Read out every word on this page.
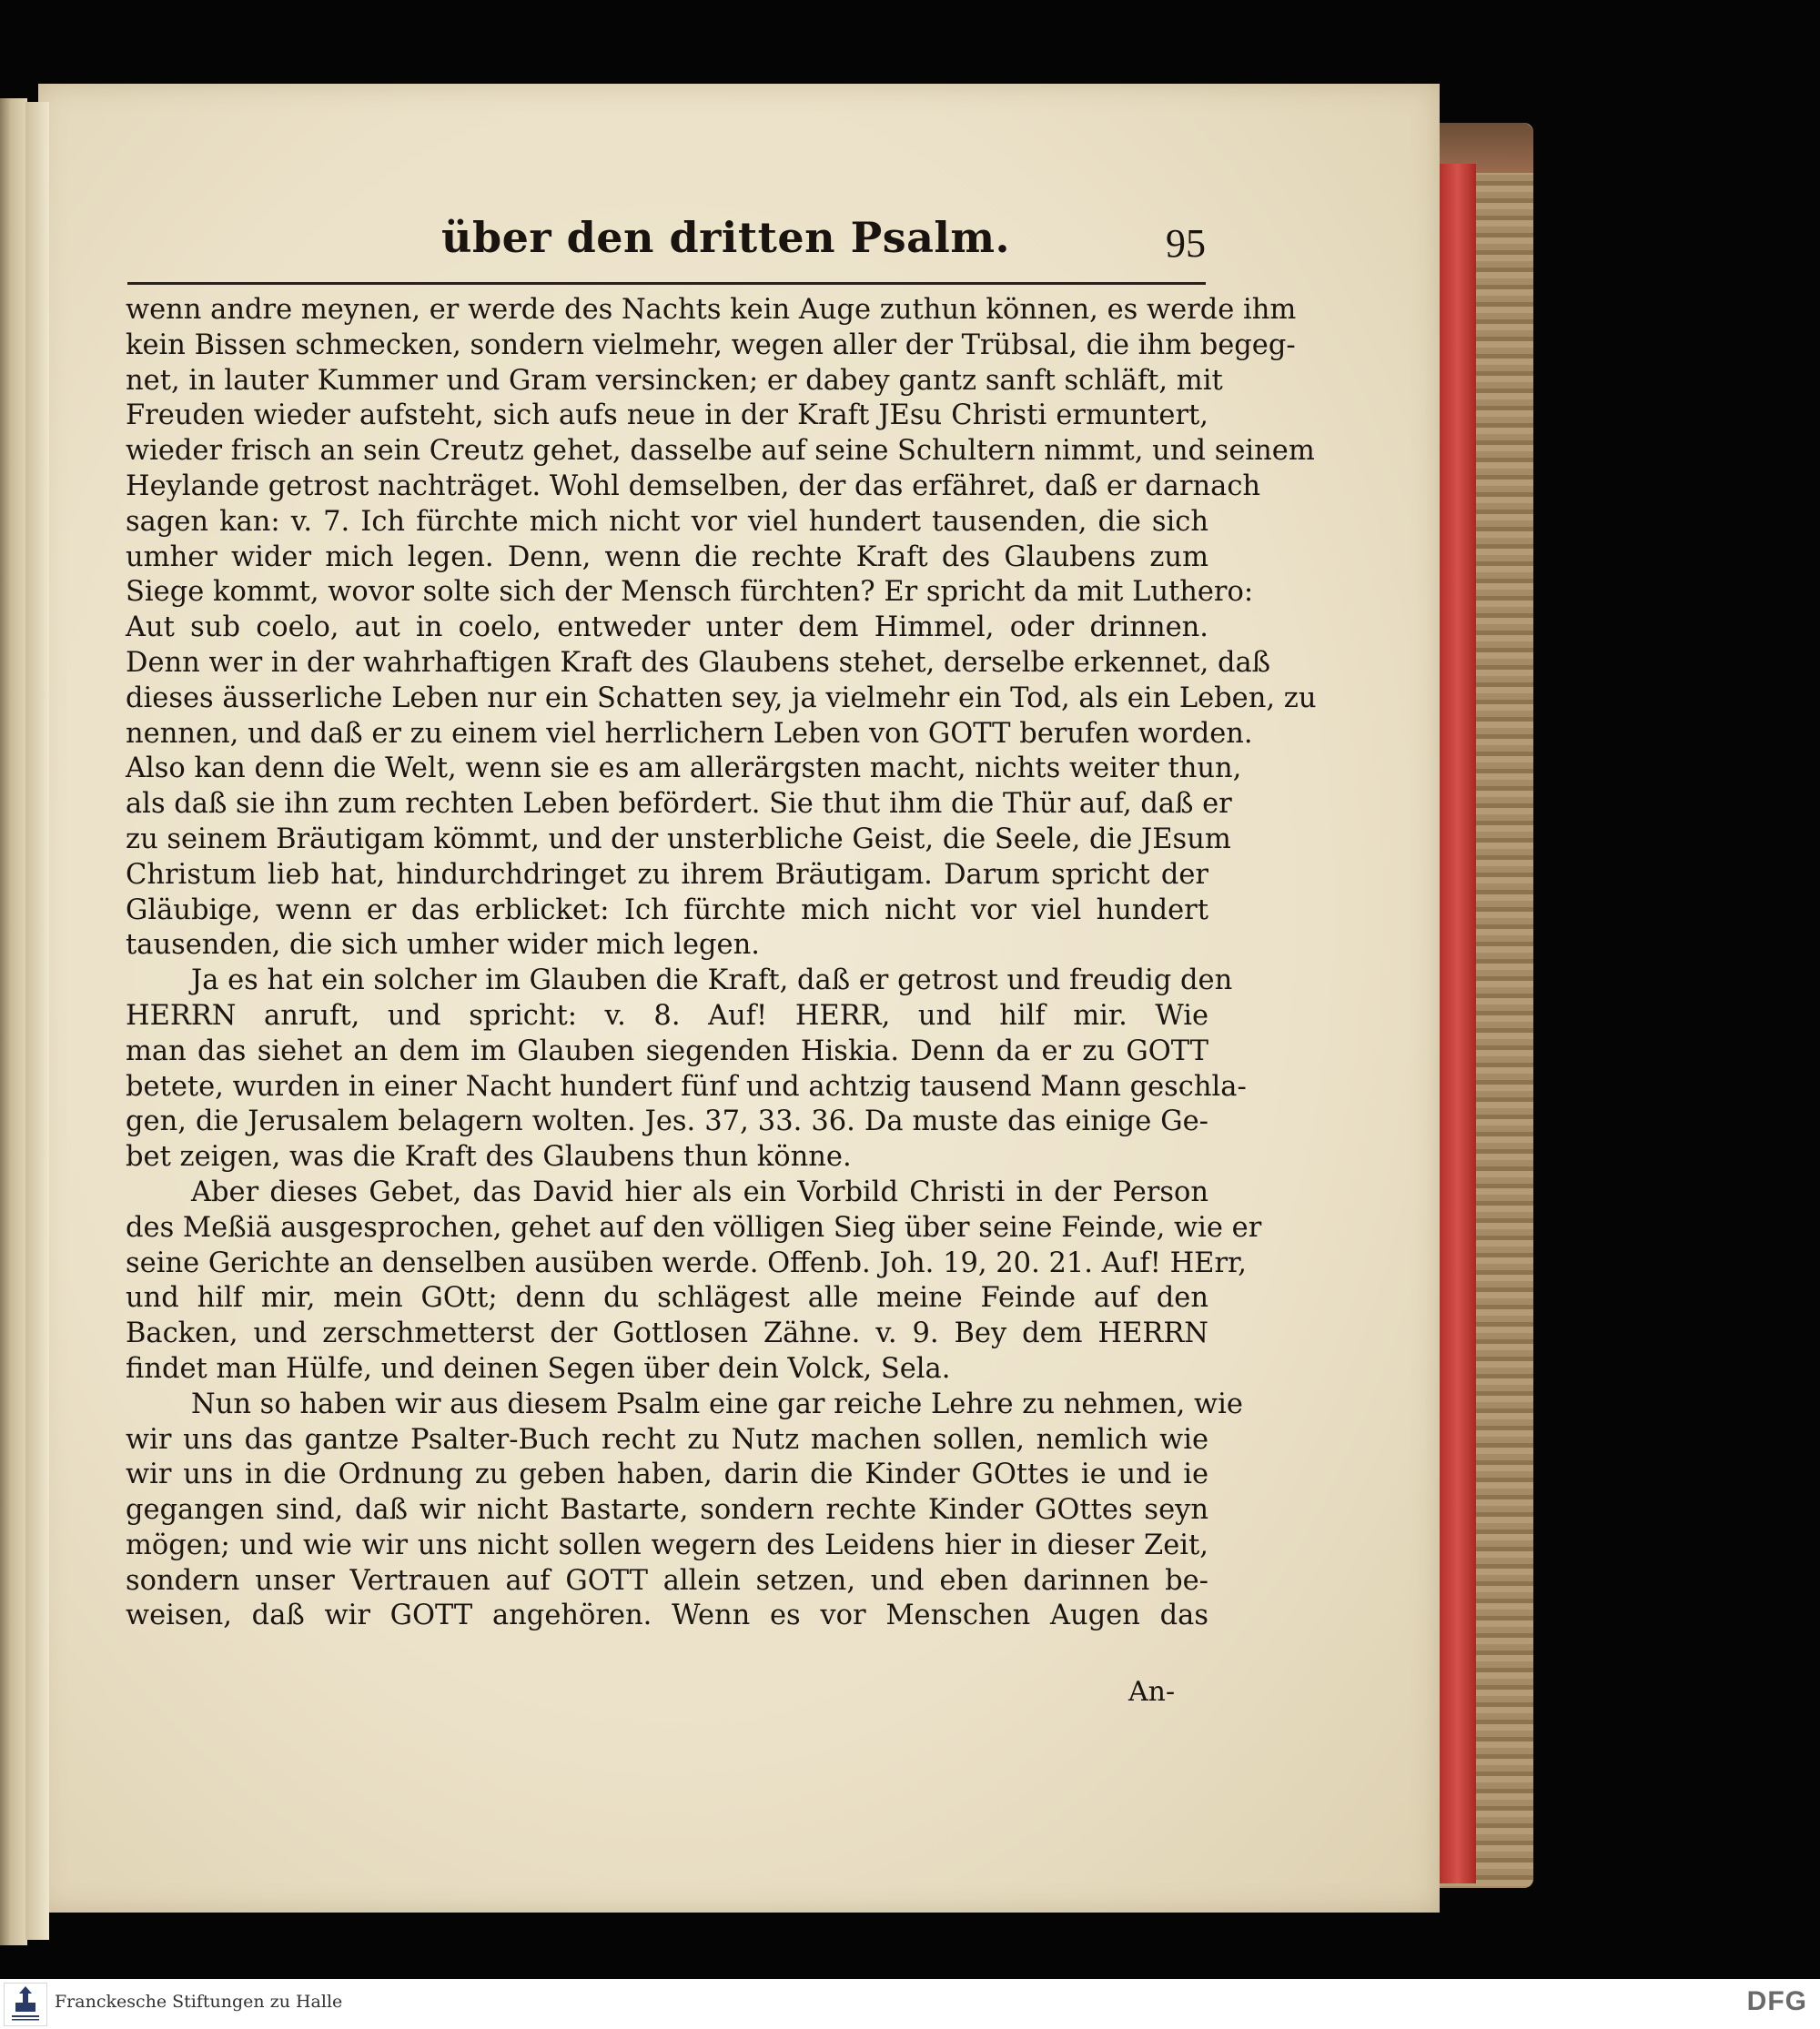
über den dritten Psalm.	95
wenn andre meynen, er werde des Nachts kein Auge zuthun können, es werde ihm
kein Bissen schmecken, sondern vielmehr, wegen aller der Trübsal, die ihm begeg-
net, in lauter Kummer und Gram versincken; er dabey gantz sanft schläft, mit
Freuden wieder aufsteht, sich aufs neue in der Kraft JEsu Christi ermuntert,
wieder frisch an sein Creutz gehet, dasselbe auf seine Schultern nimmt, und seinem
Heylande getrost nachträget. Wohl demselben, der das erfähret, daß er darnach
sagen kan: v. 7. Ich fürchte mich nicht vor viel hundert tausenden, die sich
umher wider mich legen. Denn, wenn die rechte Kraft des Glaubens zum
Siege kommt, wovor solte sich der Mensch fürchten? Er spricht da mit Luthero:
Aut sub coelo, aut in coelo, entweder unter dem Himmel, oder drinnen.
Denn wer in der wahrhaftigen Kraft des Glaubens stehet, derselbe erkennet, daß
dieses äusserliche Leben nur ein Schatten sey, ja vielmehr ein Tod, als ein Leben, zu
nennen, und daß er zu einem viel herrlichern Leben von GOTT berufen worden.
Also kan denn die Welt, wenn sie es am allerärgsten macht, nichts weiter thun,
als daß sie ihn zum rechten Leben befördert. Sie thut ihm die Thür auf, daß er
zu seinem Bräutigam kömmt, und der unsterbliche Geist, die Seele, die JEsum
Christum lieb hat, hindurchdringet zu ihrem Bräutigam. Darum spricht der
Gläubige, wenn er das erblicket: Ich fürchte mich nicht vor viel hundert
tausenden, die sich umher wider mich legen.
Ja es hat ein solcher im Glauben die Kraft, daß er getrost und freudig den
HERRN anruft, und spricht: v. 8. Auf! HERR, und hilf mir. Wie
man das siehet an dem im Glauben siegenden Hiskia. Denn da er zu GOTT
betete, wurden in einer Nacht hundert fünf und achtzig tausend Mann geschla-
gen, die Jerusalem belagern wolten. Jes. 37, 33. 36. Da muste das einige Ge-
bet zeigen, was die Kraft des Glaubens thun könne.
Aber dieses Gebet, das David hier als ein Vorbild Christi in der Person
des Meßiä ausgesprochen, gehet auf den völligen Sieg über seine Feinde, wie er
seine Gerichte an denselben ausüben werde. Offenb. Joh. 19, 20. 21. Auf! HErr,
und hilf mir, mein GOtt; denn du schlägest alle meine Feinde auf den
Backen, und zerschmetterst der Gottlosen Zähne. v. 9. Bey dem HERRN
findet man Hülfe, und deinen Segen über dein Volck, Sela.
Nun so haben wir aus diesem Psalm eine gar reiche Lehre zu nehmen, wie
wir uns das gantze Psalter-Buch recht zu Nutz machen sollen, nemlich wie
wir uns in die Ordnung zu geben haben, darin die Kinder GOttes ie und ie
gegangen sind, daß wir nicht Bastarte, sondern rechte Kinder GOttes seyn
mögen; und wie wir uns nicht sollen wegern des Leidens hier in dieser Zeit,
sondern unser Vertrauen auf GOTT allein setzen, und eben darinnen be-
weisen, daß wir GOTT angehören. Wenn es vor Menschen Augen das
An-
Franckesche Stiftungen zu Halle	DFG
